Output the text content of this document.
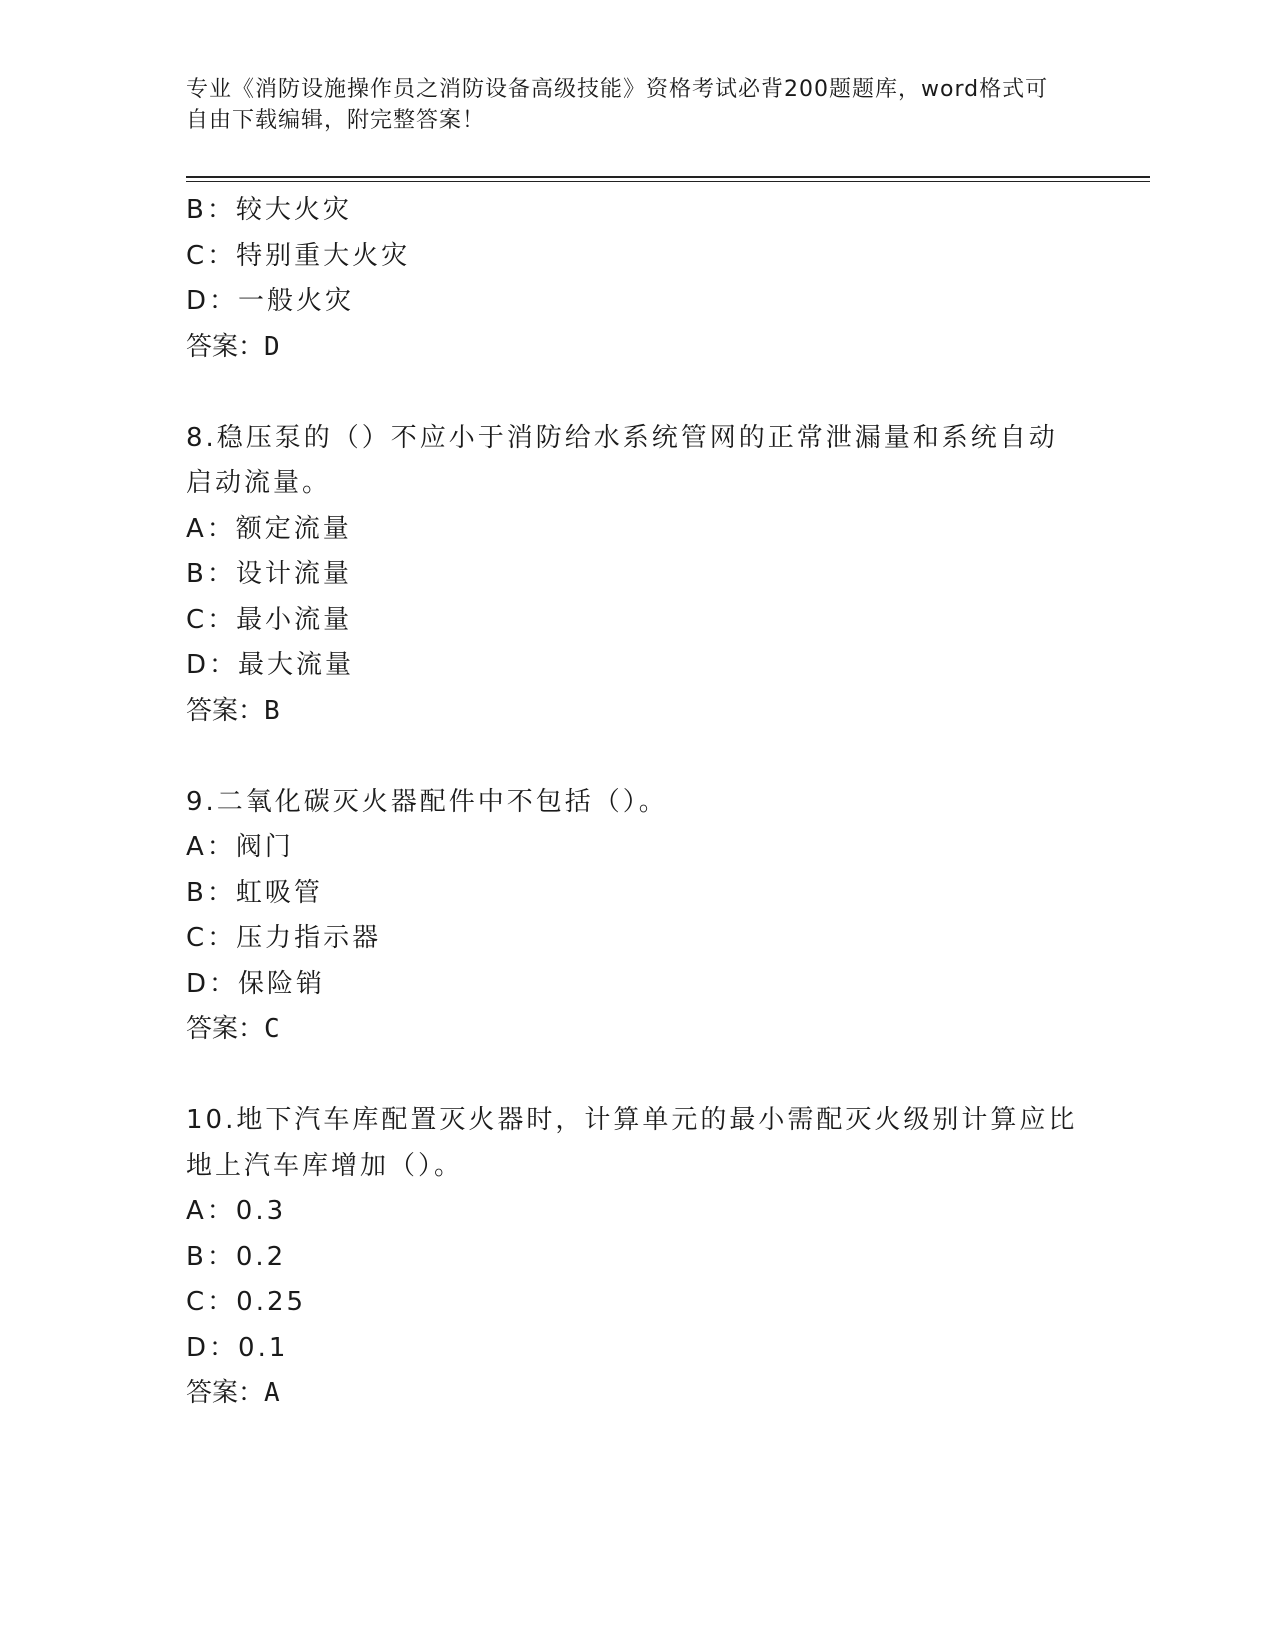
专业《消防设施操作员之消防设备高级技能》资格考试必背200题题库，word格式可自由下载编辑，附完整答案！
B：较大火灾
C：特别重大火灾
D：一般火灾
答案：D
8.稳压泵的（）不应小于消防给水系统管网的正常泄漏量和系统自动启动流量。
A：额定流量
B：设计流量
C：最小流量
D：最大流量
答案：B
9.二氧化碳灭火器配件中不包括（）。
A：阀门
B：虹吸管
C：压力指示器
D：保险销
答案：C
10.地下汽车库配置灭火器时，计算单元的最小需配灭火级别计算应比地上汽车库增加（）。
A：0.3
B：0.2
C：0.25
D：0.1
答案：A
